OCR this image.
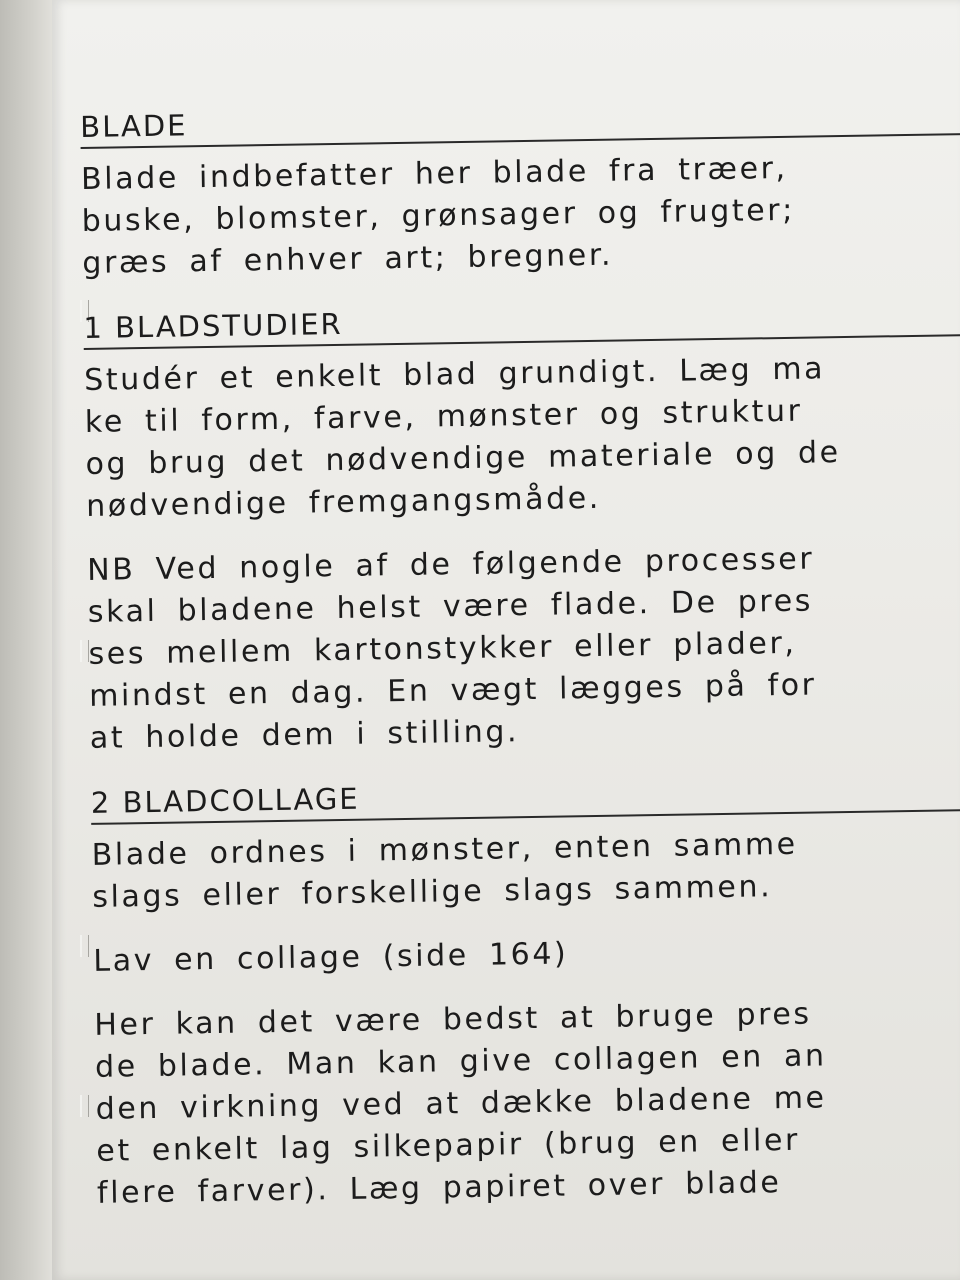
BLADE

Blade indbefatter her blade fra træer,
buske, blomster, grønsager og frugter;
græs af enhver art; bregner.

1 BLADSTUDIER

Studér et enkelt blad grundigt. Læg ma
ke til form, farve, mønster og struktur
og brug det nødvendige materiale og de
nødvendige fremgangsmåde.

NB Ved nogle af de følgende processer
skal bladene helst være flade. De pres
ses mellem kartonstykker eller plader,
mindst en dag. En vægt lægges på for
at holde dem i stilling.

2 BLADCOLLAGE

Blade ordnes i mønster, enten samme
slags eller forskellige slags sammen.

Lav en collage (side 164)

Her kan det være bedst at bruge pres
de blade. Man kan give collagen en an
den virkning ved at dække bladene me
et enkelt lag silkepapir (brug en eller
flere farver). Læg papiret over blade
